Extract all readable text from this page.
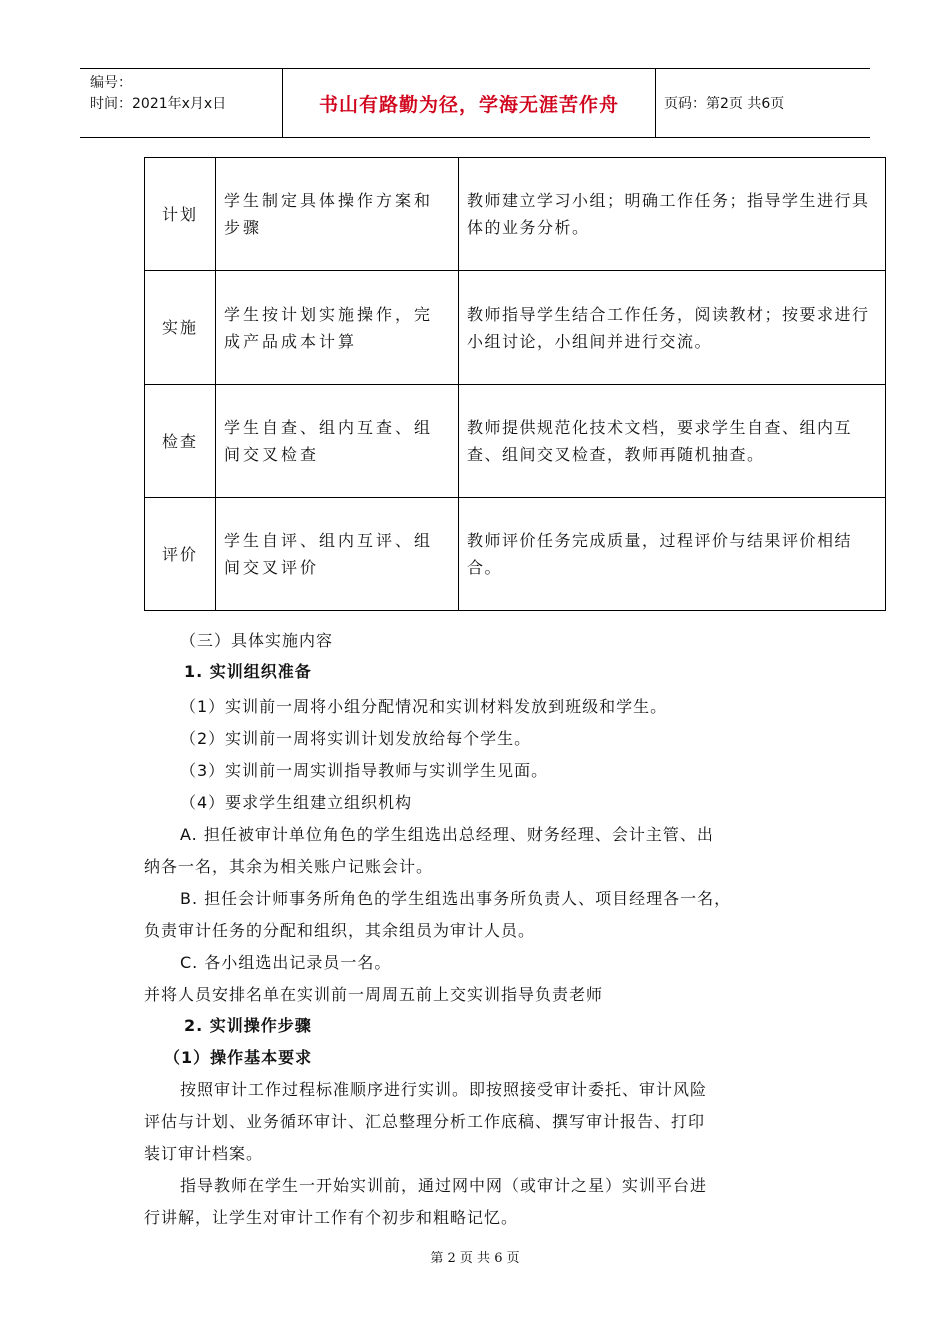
编号：
时间：2021年x月x日	书山有路勤为径，学海无涯苦作舟	页码：第2页 共6页
计划	学生制定具体操作方案和步骤	教师建立学习小组；明确工作任务；指导学生进行具体的业务分析。
实施	学生按计划实施操作，完成产品成本计算	教师指导学生结合工作任务，阅读教材；按要求进行小组讨论，小组间并进行交流。
检查	学生自查、组内互查、组间交叉检查	教师提供规范化技术文档，要求学生自查、组内互查、组间交叉检查，教师再随机抽查。
评价	学生自评、组内互评、组间交叉评价	教师评价任务完成质量，过程评价与结果评价相结合。
（三）具体实施内容
1. 实训组织准备
（1）实训前一周将小组分配情况和实训材料发放到班级和学生。
（2）实训前一周将实训计划发放给每个学生。
（3）实训前一周实训指导教师与实训学生见面。
（4）要求学生组建立组织机构
A. 担任被审计单位角色的学生组选出总经理、财务经理、会计主管、出
纳各一名，其余为相关账户记账会计。
B. 担任会计师事务所角色的学生组选出事务所负责人、项目经理各一名，
负责审计任务的分配和组织，其余组员为审计人员。
C. 各小组选出记录员一名。
并将人员安排名单在实训前一周周五前上交实训指导负责老师
2. 实训操作步骤
（1）操作基本要求
按照审计工作过程标准顺序进行实训。即按照接受审计委托、审计风险
评估与计划、业务循环审计、汇总整理分析工作底稿、撰写审计报告、打印
装订审计档案。
指导教师在学生一开始实训前，通过网中网（或审计之星）实训平台进
行讲解，让学生对审计工作有个初步和粗略记忆。
第 2 页 共 6 页
